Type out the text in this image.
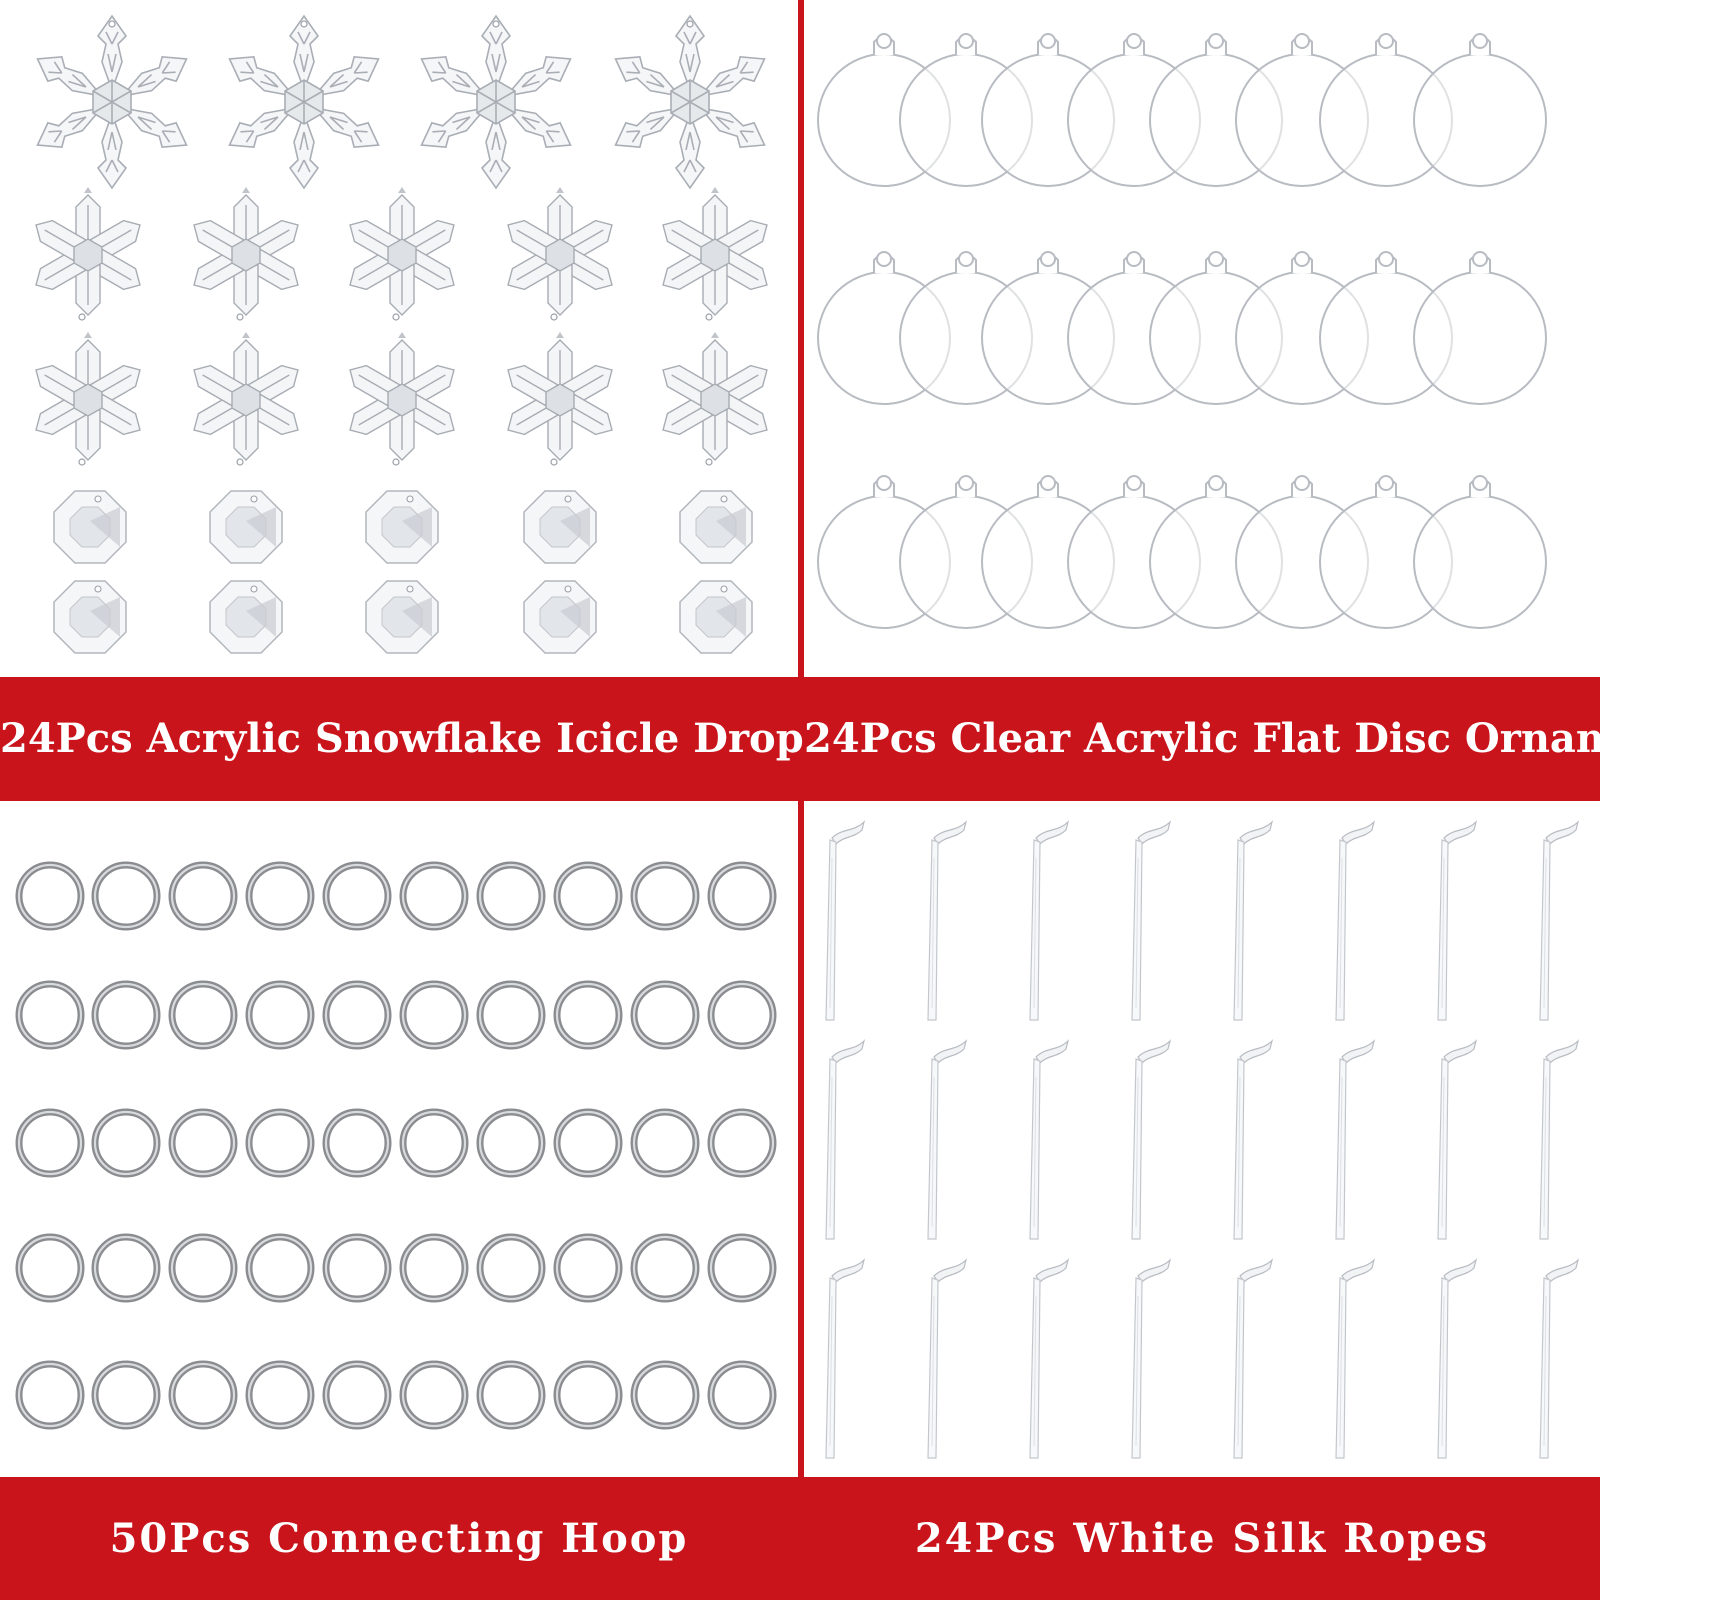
24Pcs Acrylic Snowflake Icicle Drop 24Pcs Clear Acrylic Flat Disc Ornaments
50Pcs Connecting Hoop	24Pcs White Silk Ropes
